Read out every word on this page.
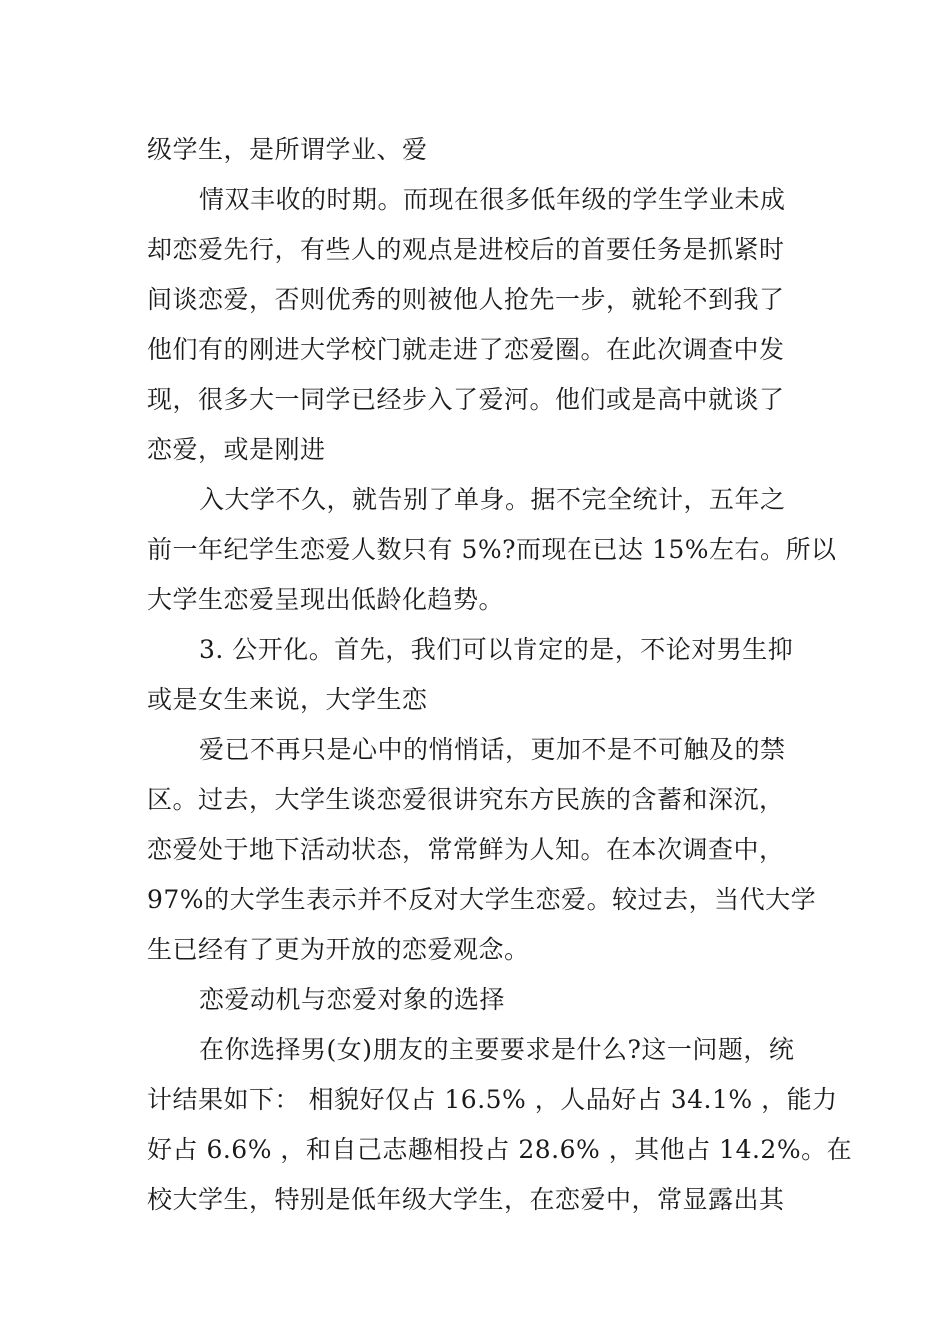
级学生，是所谓学业、爱
情双丰收的时期。而现在很多低年级的学生学业未成
却恋爱先行，有些人的观点是进校后的首要任务是抓紧时
间谈恋爱，否则优秀的则被他人抢先一步，就轮不到我了
他们有的刚进大学校门就走进了恋爱圈。在此次调查中发
现，很多大一同学已经步入了爱河。他们或是高中就谈了
恋爱，或是刚进
入大学不久，就告别了单身。据不完全统计，五年之
前一年纪学生恋爱人数只有 5%?而现在已达 15%左右。所以
大学生恋爱呈现出低龄化趋势。
3. 公开化。首先，我们可以肯定的是，不论对男生抑
或是女生来说，大学生恋
爱已不再只是心中的悄悄话，更加不是不可触及的禁
区。过去，大学生谈恋爱很讲究东方民族的含蓄和深沉，
恋爱处于地下活动状态，常常鲜为人知。在本次调查中，
97%的大学生表示并不反对大学生恋爱。较过去，当代大学
生已经有了更为开放的恋爱观念。
恋爱动机与恋爱对象的选择
在你选择男(女)朋友的主要要求是什么?这一问题，统
计结果如下： 相貌好仅占 16.5% ，人品好占 34.1% ，能力
好占 6.6% ，和自己志趣相投占 28.6% ，其他占 14.2%。在
校大学生，特别是低年级大学生，在恋爱中，常显露出其
